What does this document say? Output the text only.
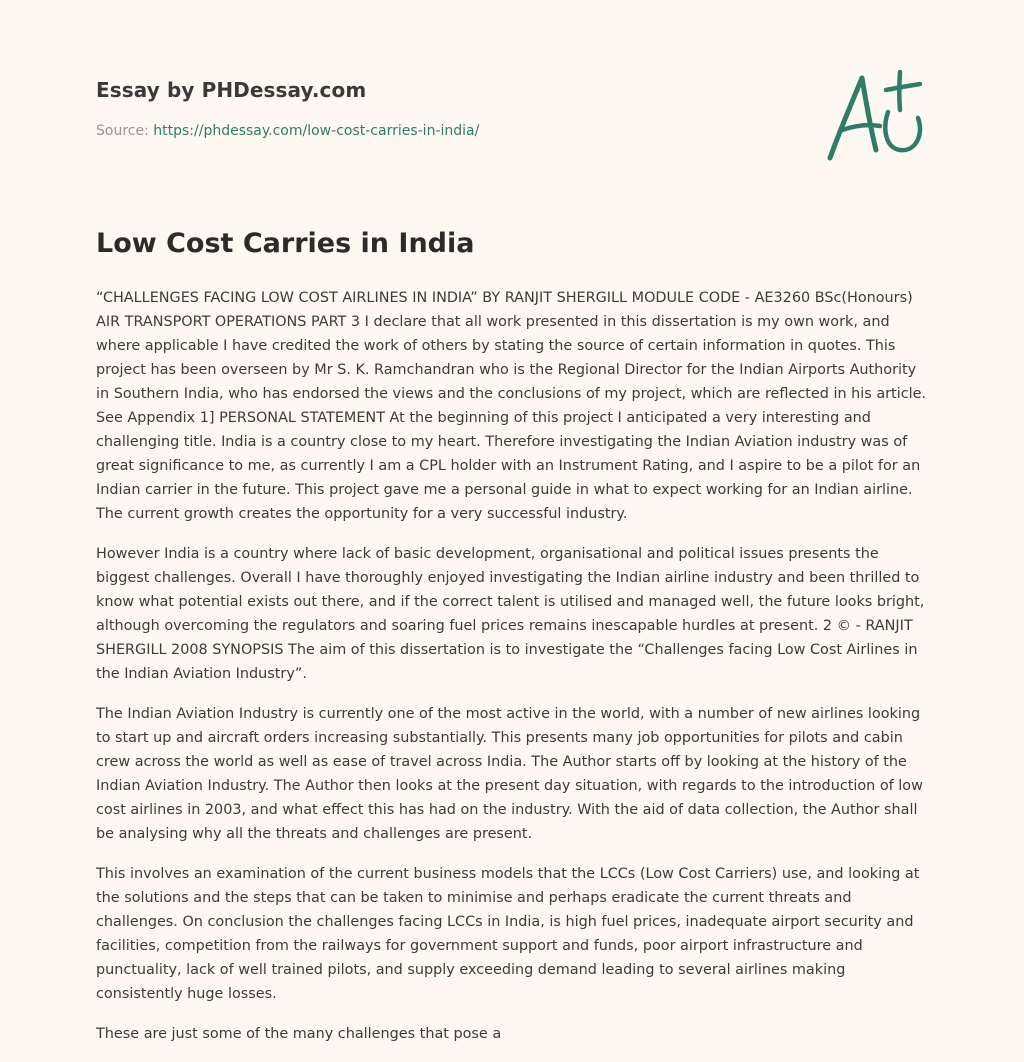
Essay by PHDessay.com
Source: https://phdessay.com/low-cost-carries-in-india/
Low Cost Carries in India

“CHALLENGES FACING LOW COST AIRLINES IN INDIA” BY RANJIT SHERGILL MODULE CODE - AE3260 BSc(Honours) AIR TRANSPORT OPERATIONS PART 3 I declare that all work presented in this dissertation is my own work, and where applicable I have credited the work of others by stating the source of certain information in quotes. This project has been overseen by Mr S. K. Ramchandran who is the Regional Director for the Indian Airports Authority in Southern India, who has endorsed the views and the conclusions of my project, which are reflected in his article. See Appendix 1] PERSONAL STATEMENT At the beginning of this project I anticipated a very interesting and challenging title. India is a country close to my heart. Therefore investigating the Indian Aviation industry was of great significance to me, as currently I am a CPL holder with an Instrument Rating, and I aspire to be a pilot for an Indian carrier in the future. This project gave me a personal guide in what to expect working for an Indian airline. The current growth creates the opportunity for a very successful industry.

However India is a country where lack of basic development, organisational and political issues presents the biggest challenges. Overall I have thoroughly enjoyed investigating the Indian airline industry and been thrilled to know what potential exists out there, and if the correct talent is utilised and managed well, the future looks bright, although overcoming the regulators and soaring fuel prices remains inescapable hurdles at present. 2 © - RANJIT SHERGILL 2008 SYNOPSIS The aim of this dissertation is to investigate the “Challenges facing Low Cost Airlines in the Indian Aviation Industry”.

The Indian Aviation Industry is currently one of the most active in the world, with a number of new airlines looking to start up and aircraft orders increasing substantially. This presents many job opportunities for pilots and cabin crew across the world as well as ease of travel across India. The Author starts off by looking at the history of the Indian Aviation Industry. The Author then looks at the present day situation, with regards to the introduction of low cost airlines in 2003, and what effect this has had on the industry. With the aid of data collection, the Author shall be analysing why all the threats and challenges are present.

This involves an examination of the current business models that the LCCs (Low Cost Carriers) use, and looking at the solutions and the steps that can be taken to minimise and perhaps eradicate the current threats and challenges. On conclusion the challenges facing LCCs in India, is high fuel prices, inadequate airport security and facilities, competition from the railways for government support and funds, poor airport infrastructure and punctuality, lack of well trained pilots, and supply exceeding demand leading to several airlines making consistently huge losses.

These are just some of the many challenges that pose a
